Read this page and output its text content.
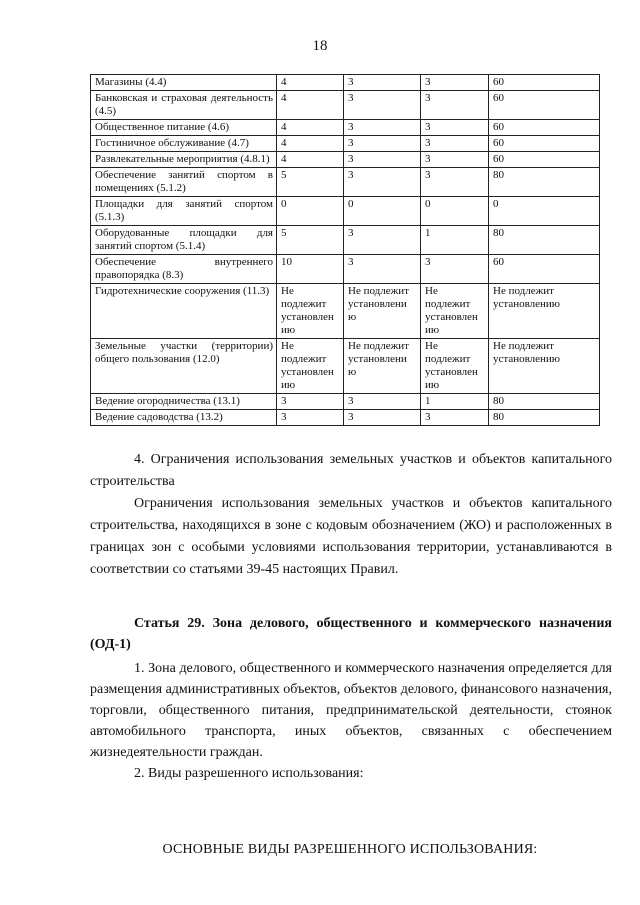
18
Магазины (4.4)	4	3	3	60
Банковская и страховая деятельность (4.5)	4	3	3	60
Общественное питание (4.6)	4	3	3	60
Гостиничное обслуживание (4.7)	4	3	3	60
Развлекательные мероприятия (4.8.1)	4	3	3	60
Обеспечение занятий спортом в помещениях (5.1.2)	5	3	3	80
Площадки для занятий спортом (5.1.3)	0	0	0	0
Оборудованные площадки для занятий спортом (5.1.4)	5	3	1	80
Обеспечение внутреннего правопорядка (8.3)	10	3	3	60
Гидротехнические сооружения (11.3)	Не подлежит установлен ию	Не подлежит установлени ю	Не подлежит установлен ию	Не подлежит установлению
Земельные участки (территории) общего пользования (12.0)	Не подлежит установлен ию	Не подлежит установлени ю	Не подлежит установлен ию	Не подлежит установлению
Ведение огородничества (13.1)	3	3	1	80
Ведение садоводства (13.2)	3	3	3	80

4. Ограничения использования земельных участков и объектов капитального строительства

Ограничения использования земельных участков и объектов капитального строительства, находящихся в зоне с кодовым обозначением (ЖО) и расположенных в границах зон с особыми условиями использования территории, устанавливаются в соответствии со статьями 39-45 настоящих Правил.

Статья 29. Зона делового, общественного и коммерческого назначения (ОД-1)

1. Зона делового, общественного и коммерческого назначения определяется для размещения административных объектов, объектов делового, финансового назначения, торговли, общественного питания, предпринимательской деятельности, стоянок автомобильного транспорта, иных объектов, связанных с обеспечением жизнедеятельности граждан.

2. Виды разрешенного использования:

ОСНОВНЫЕ ВИДЫ РАЗРЕШЕННОГО ИСПОЛЬЗОВАНИЯ:
